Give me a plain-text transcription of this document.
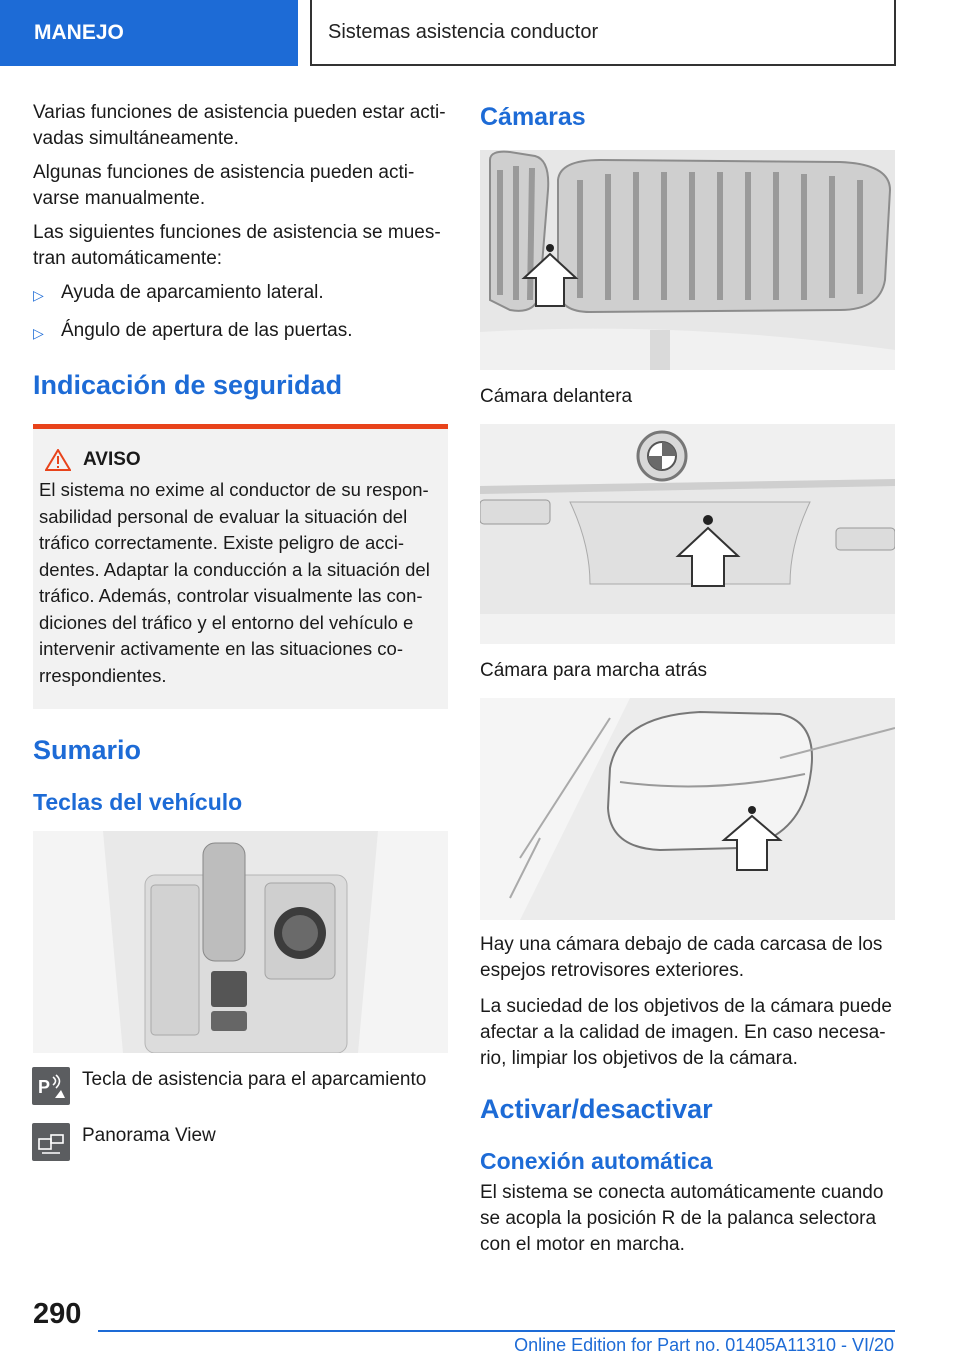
MANEJO	Sistemas asistencia conductor

Varias funciones de asistencia pueden estar acti-vadas simultáneamente.

Algunas funciones de asistencia pueden acti-varse manualmente.

Las siguientes funciones de asistencia se mues-tran automáticamente:

▷ Ayuda de aparcamiento lateral.
▷ Ángulo de apertura de las puertas.
Indicación de seguridad
AVISO

El sistema no exime al conductor de su respon-sabilidad personal de evaluar la situación del tráfico correctamente. Existe peligro de acci-dentes. Adaptar la conducción a la situación del tráfico. Además, controlar visualmente las con-diciones del tráfico y el entorno del vehículo e intervenir activamente en las situaciones co-rrespondientes.

Sumario
Teclas del vehículo
P Tecla de asistencia para el aparcamiento
Panorama View
Cámaras

Cámara delantera

Cámara para marcha atrás

Hay una cámara debajo de cada carcasa de los espejos retrovisores exteriores.

La suciedad de los objetivos de la cámara puede afectar a la calidad de imagen. En caso necesa-rio, limpiar los objetivos de la cámara.

Activar/desactivar
Conexión automática

El sistema se conecta automáticamente cuando se acopla la posición R de la palanca selectora con el motor en marcha.

290
Online Edition for Part no. 01405A11310 - VI/20
